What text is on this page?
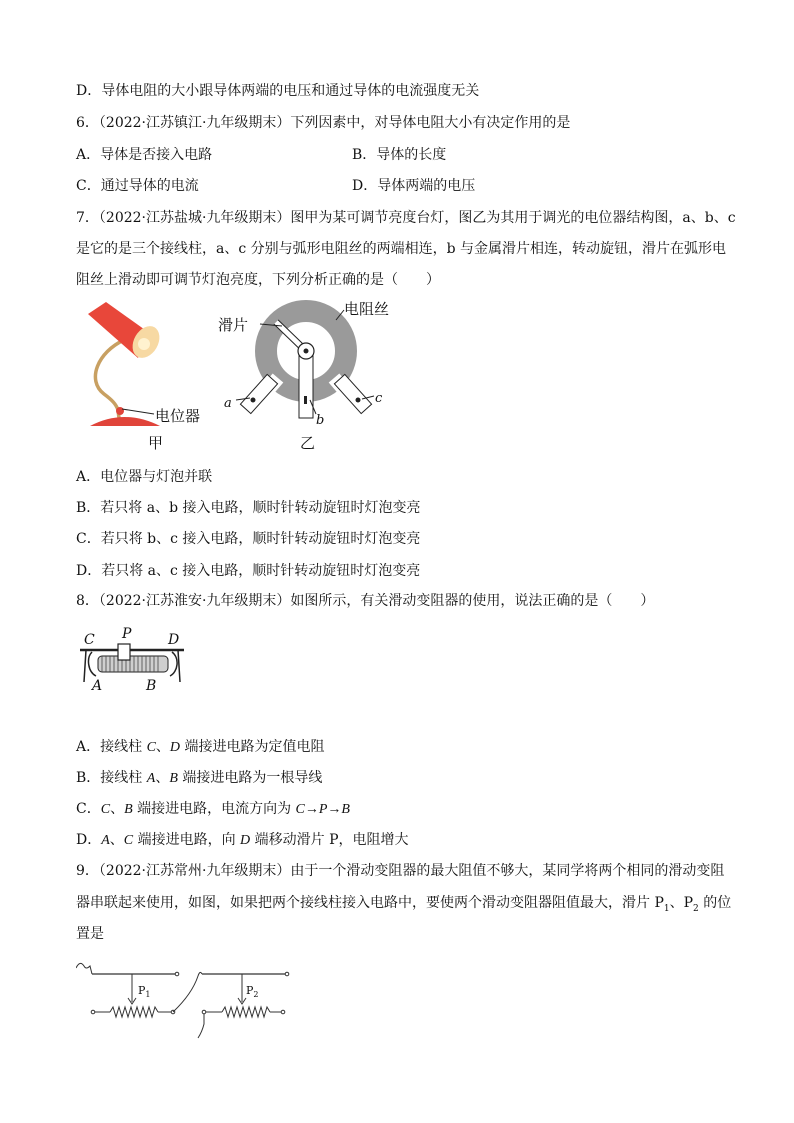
D．导体电阻的大小跟导体两端的电压和通过导体的电流强度无关
6．（2022·江苏镇江·九年级期末）下列因素中，对导体电阻大小有决定作用的是
A．导体是否接入电路	B．导体的长度
C．通过导体的电流	D．导体两端的电压
7．（2022·江苏盐城·九年级期末）图甲为某可调节亮度台灯，图乙为其用于调光的电位器结构图，a、b、c
是它的是三个接线柱，a、c 分别与弧形电阻丝的两端相连，b 与金属滑片相连，转动旋钮，滑片在弧形电
阻丝上滑动即可调节灯泡亮度，下列分析正确的是（　　）
电位器
甲
滑片
电阻丝
a
b
c
乙
A．电位器与灯泡并联
B．若只将 a、b 接入电路，顺时针转动旋钮时灯泡变亮
C．若只将 b、c 接入电路，顺时针转动旋钮时灯泡变亮
D．若只将 a、c 接入电路，顺时针转动旋钮时灯泡变亮
8．（2022·江苏淮安·九年级期末）如图所示，有关滑动变阻器的使用，说法正确的是（　　）
C P	D
A	B
A．接线柱 C、D 端接进电路为定值电阻
B．接线柱 A、B 端接进电路为一根导线
C．C、B 端接进电路，电流方向为 C→P→B
D．A、C 端接进电路，向 D 端移动滑片 P，电阻增大
9．（2022·江苏常州·九年级期末）由于一个滑动变阻器的最大阻值不够大，某同学将两个相同的滑动变阻
器串联起来使用，如图，如果把两个接线柱接入电路中，要使两个滑动变阻器阻值最大，滑片 $P_1$、$P_2$ 的位
置是
$P_1$	$P_2$
